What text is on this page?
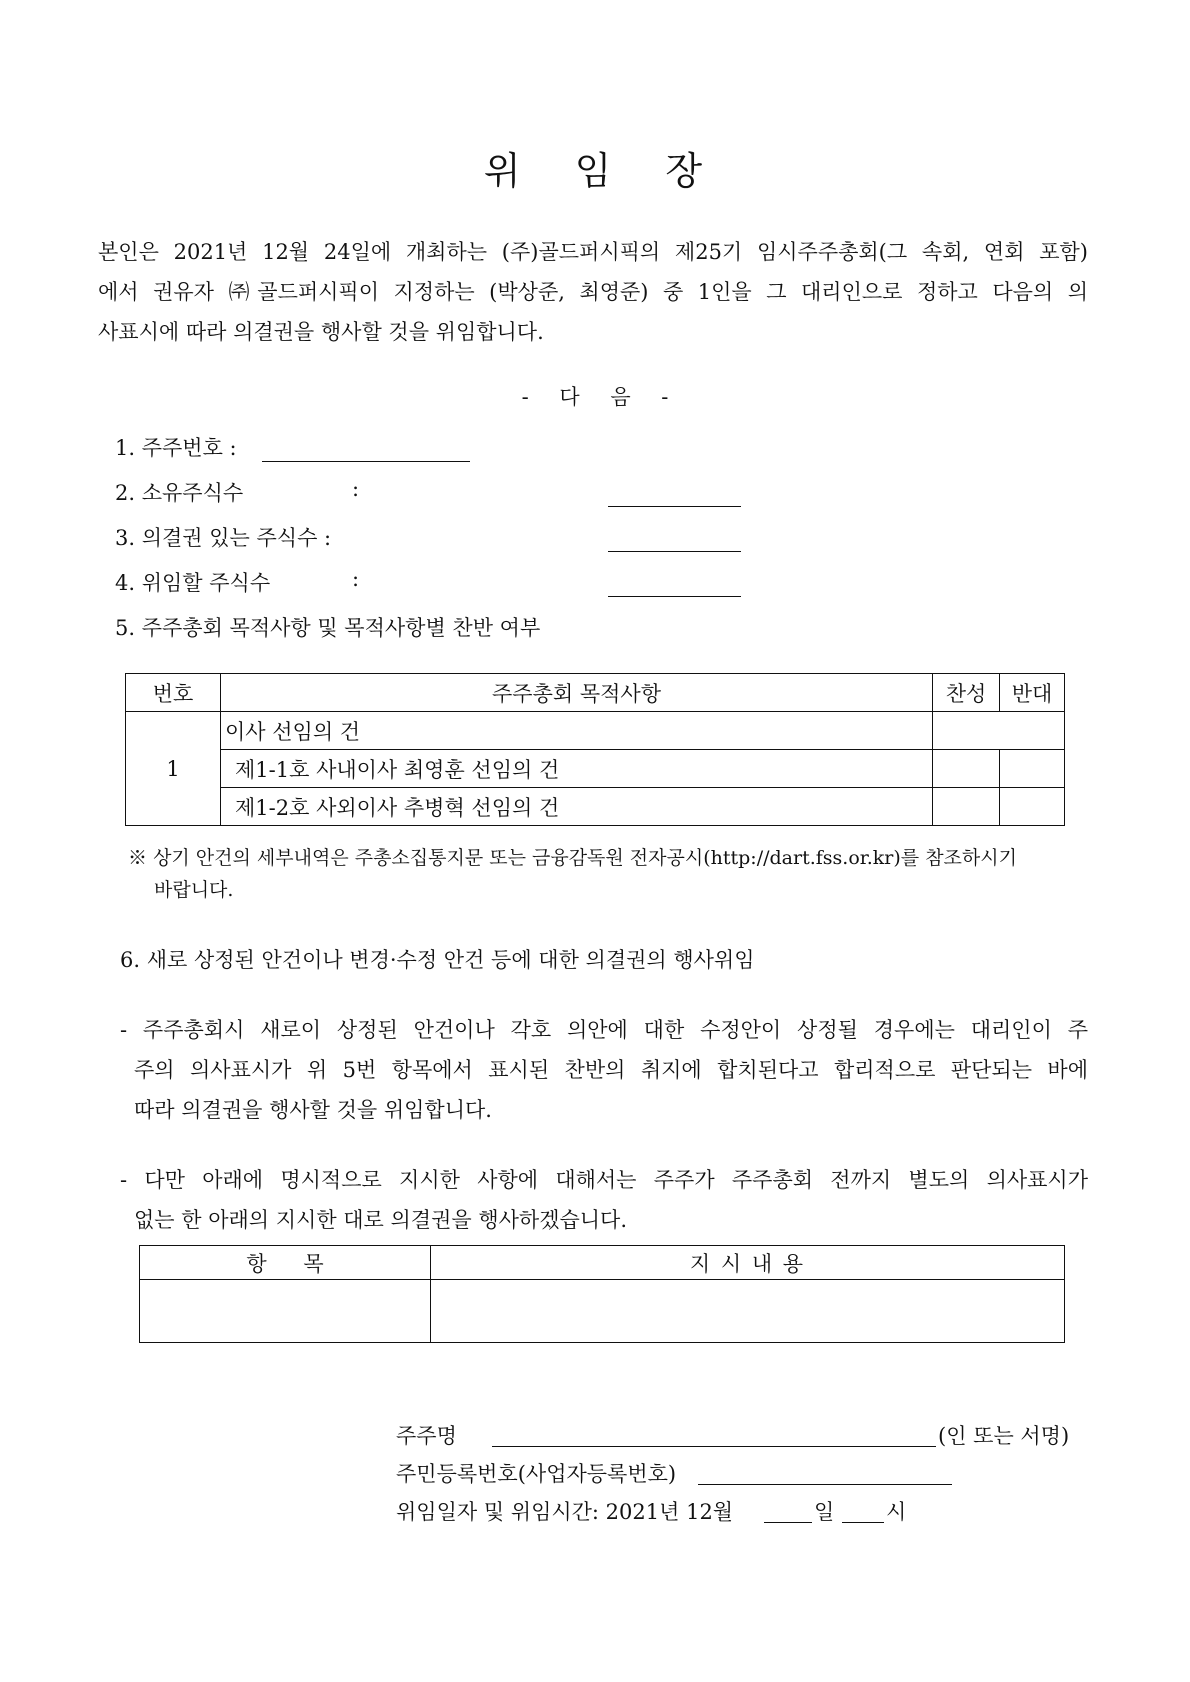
위 임 장
본인은 2021년 12월 24일에 개최하는 (주)골드퍼시픽의 제25기 임시주주총회(그 속회, 연회 포함)
에서 권유자 ㈜골드퍼시픽이 지정하는 (박상준, 최영준) 중 1인을 그 대리인으로 정하고 다음의 의
사표시에 따라 의결권을 행사할 것을 위임합니다.
- 다 음 -
1. 주주번호 :
2. 소유주식수	:
3. 의결권 있는 주식수 :
4. 위임할 주식수	:
5. 주주총회 목적사항 및 목적사항별 찬반 여부
번호	주주총회 목적사항	찬성	반대
1	이사 선임의 건		
	제1-1호 사내이사 최영훈 선임의 건		
	제1-2호 사외이사 추병혁 선임의 건		
※ 상기 안건의 세부내역은 주총소집통지문 또는 금융감독원 전자공시(http://dart.fss.or.kr)를 참조하시기
바랍니다.
6. 새로 상정된 안건이나 변경·수정 안건 등에 대한 의결권의 행사위임
- 주주총회시 새로이 상정된 안건이나 각호 의안에 대한 수정안이 상정될 경우에는 대리인이 주
주의 의사표시가 위 5번 항목에서 표시된 찬반의 취지에 합치된다고 합리적으로 판단되는 바에
따라 의결권을 행사할 것을 위임합니다.
- 다만 아래에 명시적으로 지시한 사항에 대해서는 주주가 주주총회 전까지 별도의 의사표시가
없는 한 아래의 지시한 대로 의결권을 행사하겠습니다.
항 목	지 시 내 용

주주명	(인 또는 서명)
주민등록번호(사업자등록번호)
위임일자 및 위임시간: 2021년 12월	일 시
